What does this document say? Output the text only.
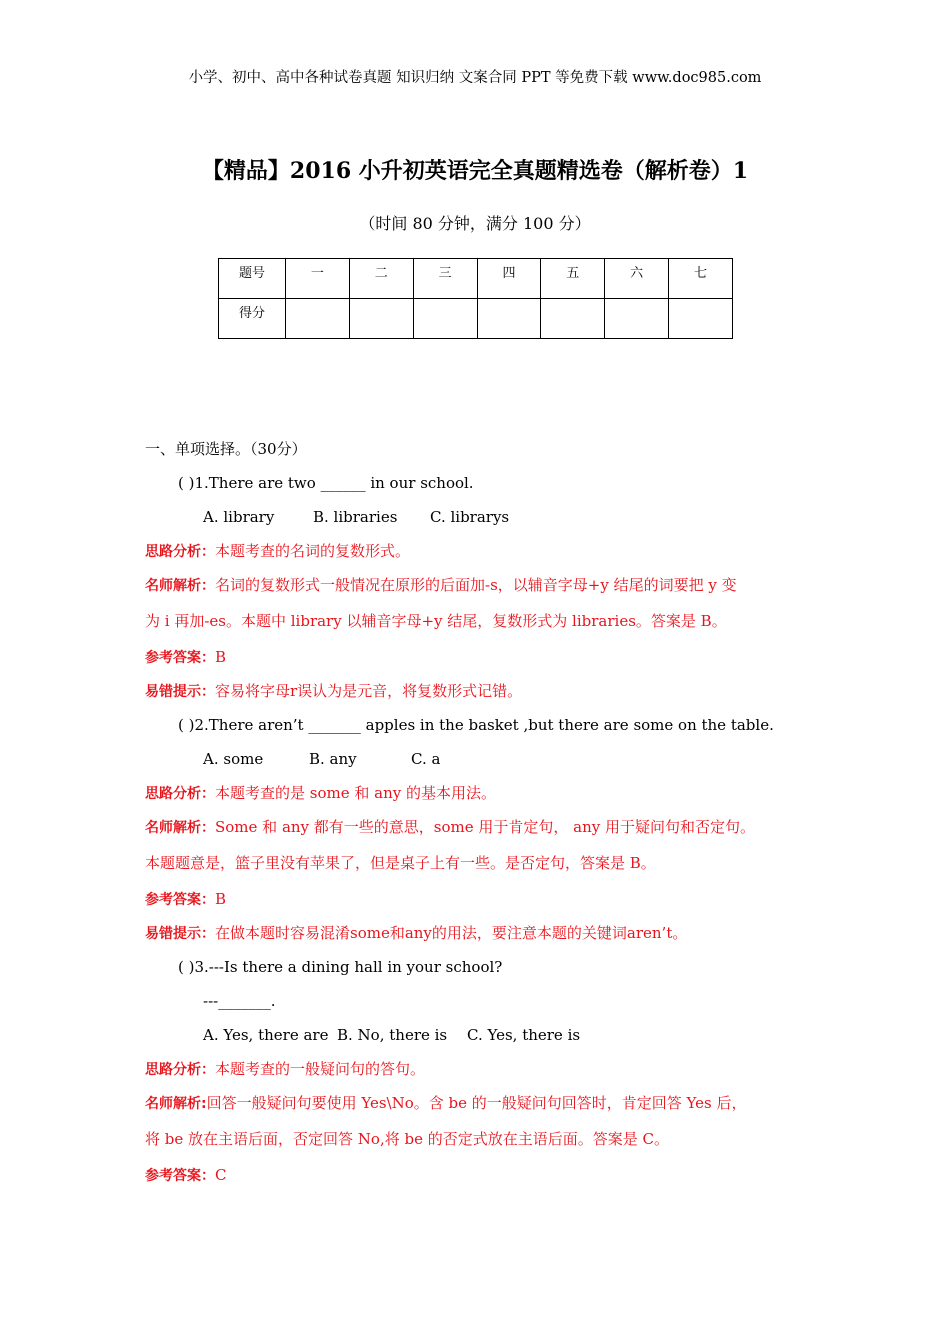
小学、初中、高中各种试卷真题 知识归纳 文案合同 PPT 等免费下载 www.doc985.com
【精品】2016 小升初英语完全真题精选卷（解析卷）1
（时间 80 分钟，满分 100 分）
题号	一	二	三	四	五	六	七
得分							
一、单项选择。（30分）
( )1.There are two ______ in our school.
A. library	B. libraries C. librarys
思路分析：本题考查的名词的复数形式。
名师解析：名词的复数形式一般情况在原形的后面加-s，以辅音字母+y 结尾的词要把 y 变
为 i 再加-es。本题中 library 以辅音字母+y 结尾，复数形式为 libraries。答案是 B。
参考答案：B
易错提示：容易将字母r误认为是元音，将复数形式记错。
( )2.There aren’t _______ apples in the basket ,but there are some on the table.
A. some	B. any	C. a
思路分析：本题考查的是 some 和 any 的基本用法。
名师解析：Some 和 any 都有一些的意思，some 用于肯定句， any 用于疑问句和否定句。
本题题意是，篮子里没有苹果了，但是桌子上有一些。是否定句，答案是 B。
参考答案：B
易错提示：在做本题时容易混淆some和any的用法，要注意本题的关键词aren’t。
( )3.---Is there a dining hall in your school?
---_______.
A. Yes, there are B. No, there is C. Yes, there is
思路分析：本题考查的一般疑问句的答句。
名师解析:回答一般疑问句要使用 Yes\No。含 be 的一般疑问句回答时，肯定回答 Yes 后，
将 be 放在主语后面，否定回答 No,将 be 的否定式放在主语后面。答案是 C。
参考答案：C
